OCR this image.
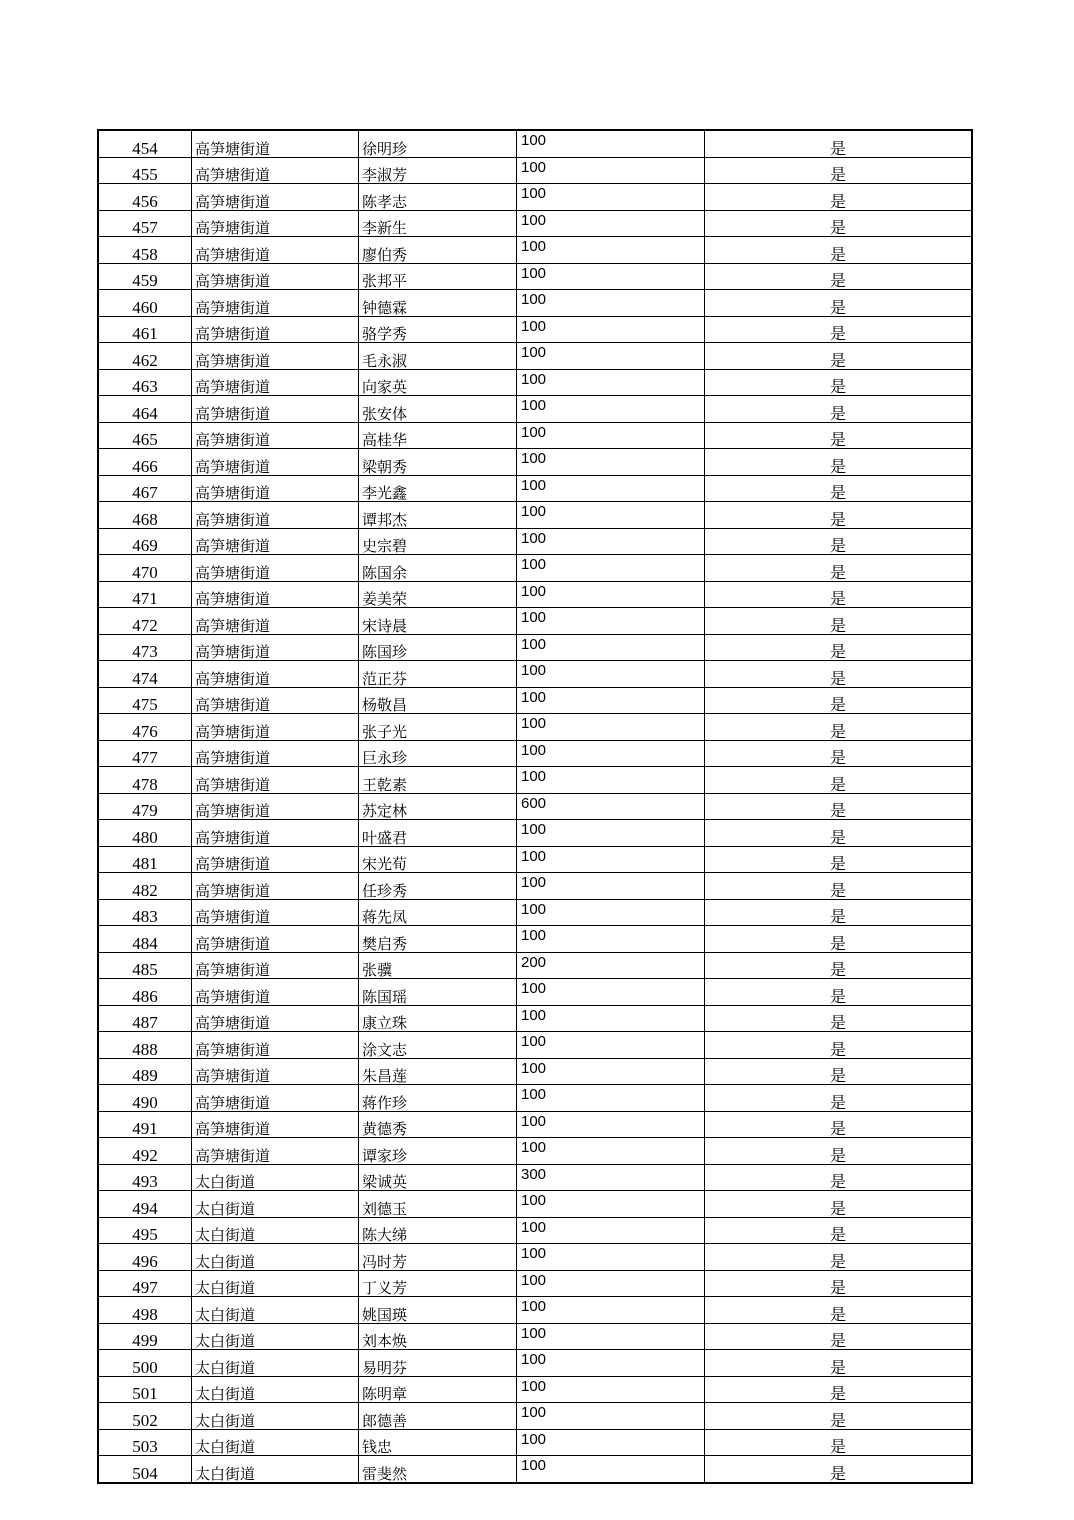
454	高笋塘街道	徐明珍	100	是
455	高笋塘街道	李淑芳	100	是
456	高笋塘街道	陈孝志	100	是
457	高笋塘街道	李新生	100	是
458	高笋塘街道	廖伯秀	100	是
459	高笋塘街道	张邦平	100	是
460	高笋塘街道	钟德霖	100	是
461	高笋塘街道	骆学秀	100	是
462	高笋塘街道	毛永淑	100	是
463	高笋塘街道	向家英	100	是
464	高笋塘街道	张安体	100	是
465	高笋塘街道	高桂华	100	是
466	高笋塘街道	梁朝秀	100	是
467	高笋塘街道	李光鑫	100	是
468	高笋塘街道	谭邦杰	100	是
469	高笋塘街道	史宗碧	100	是
470	高笋塘街道	陈国余	100	是
471	高笋塘街道	姜美荣	100	是
472	高笋塘街道	宋诗晨	100	是
473	高笋塘街道	陈国珍	100	是
474	高笋塘街道	范正芬	100	是
475	高笋塘街道	杨敬昌	100	是
476	高笋塘街道	张子光	100	是
477	高笋塘街道	巨永珍	100	是
478	高笋塘街道	王乾素	100	是
479	高笋塘街道	苏定林	600	是
480	高笋塘街道	叶盛君	100	是
481	高笋塘街道	宋光荀	100	是
482	高笋塘街道	任珍秀	100	是
483	高笋塘街道	蒋先凤	100	是
484	高笋塘街道	樊启秀	100	是
485	高笋塘街道	张骥	200	是
486	高笋塘街道	陈国瑶	100	是
487	高笋塘街道	康立珠	100	是
488	高笋塘街道	涂文志	100	是
489	高笋塘街道	朱昌莲	100	是
490	高笋塘街道	蒋作珍	100	是
491	高笋塘街道	黄德秀	100	是
492	高笋塘街道	谭家珍	100	是
493	太白街道	梁诚英	300	是
494	太白街道	刘德玉	100	是
495	太白街道	陈大绨	100	是
496	太白街道	冯时芳	100	是
497	太白街道	丁义芳	100	是
498	太白街道	姚国瑛	100	是
499	太白街道	刘本焕	100	是
500	太白街道	易明芬	100	是
501	太白街道	陈明章	100	是
502	太白街道	郎德善	100	是
503	太白街道	钱忠	100	是
504	太白街道	雷斐然	100	是
